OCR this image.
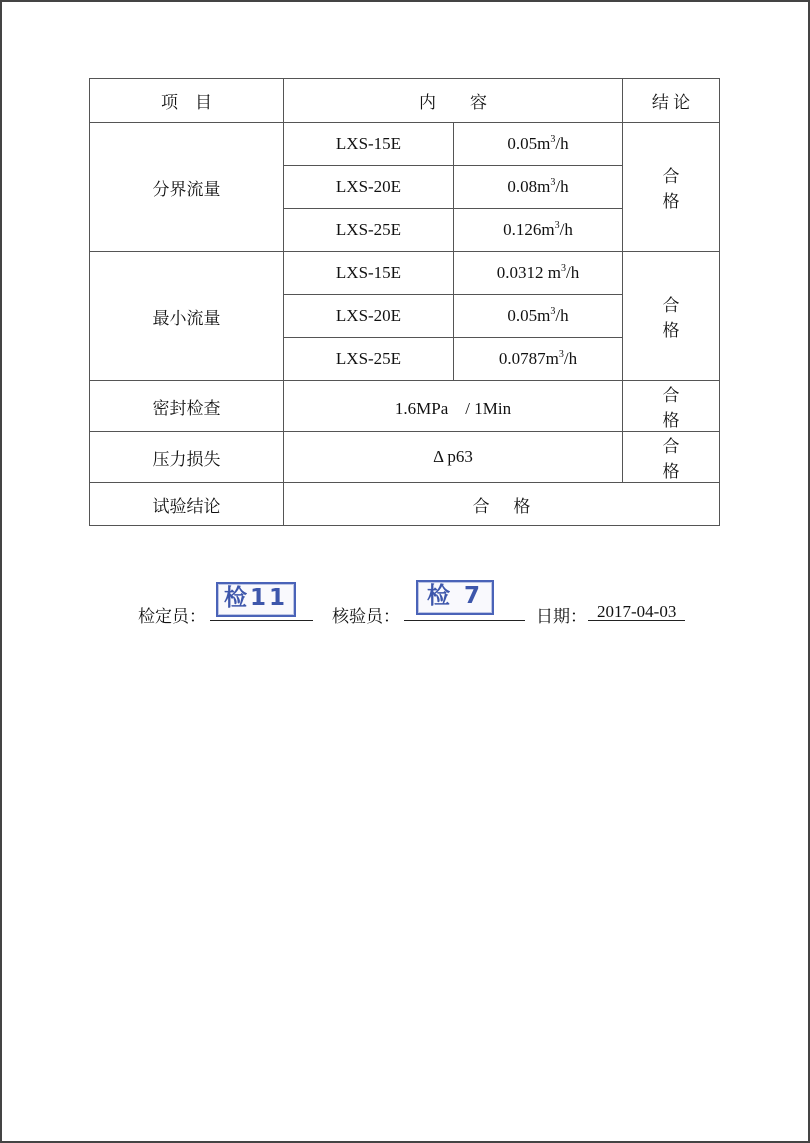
项　目	内　　容		结 论
分界流量	LXS-15E	$0.05m^3/h$	合格
	LXS-20E	$0.08m^3/h$	
	LXS-25E	$0.126m^3/h$	
最小流量	LXS-15E	0.0312 $m^3/h$	合格
	LXS-20E	$0.05m^3/h$	
	LXS-25E	$0.0787m^3/h$	
密封检查	1.6MPa　/ 1Min		合格
压力损失	Δ p63		合格
试验结论	合格		
检定员：
检11
核验员：
检 7
日期： 2017-04-03
